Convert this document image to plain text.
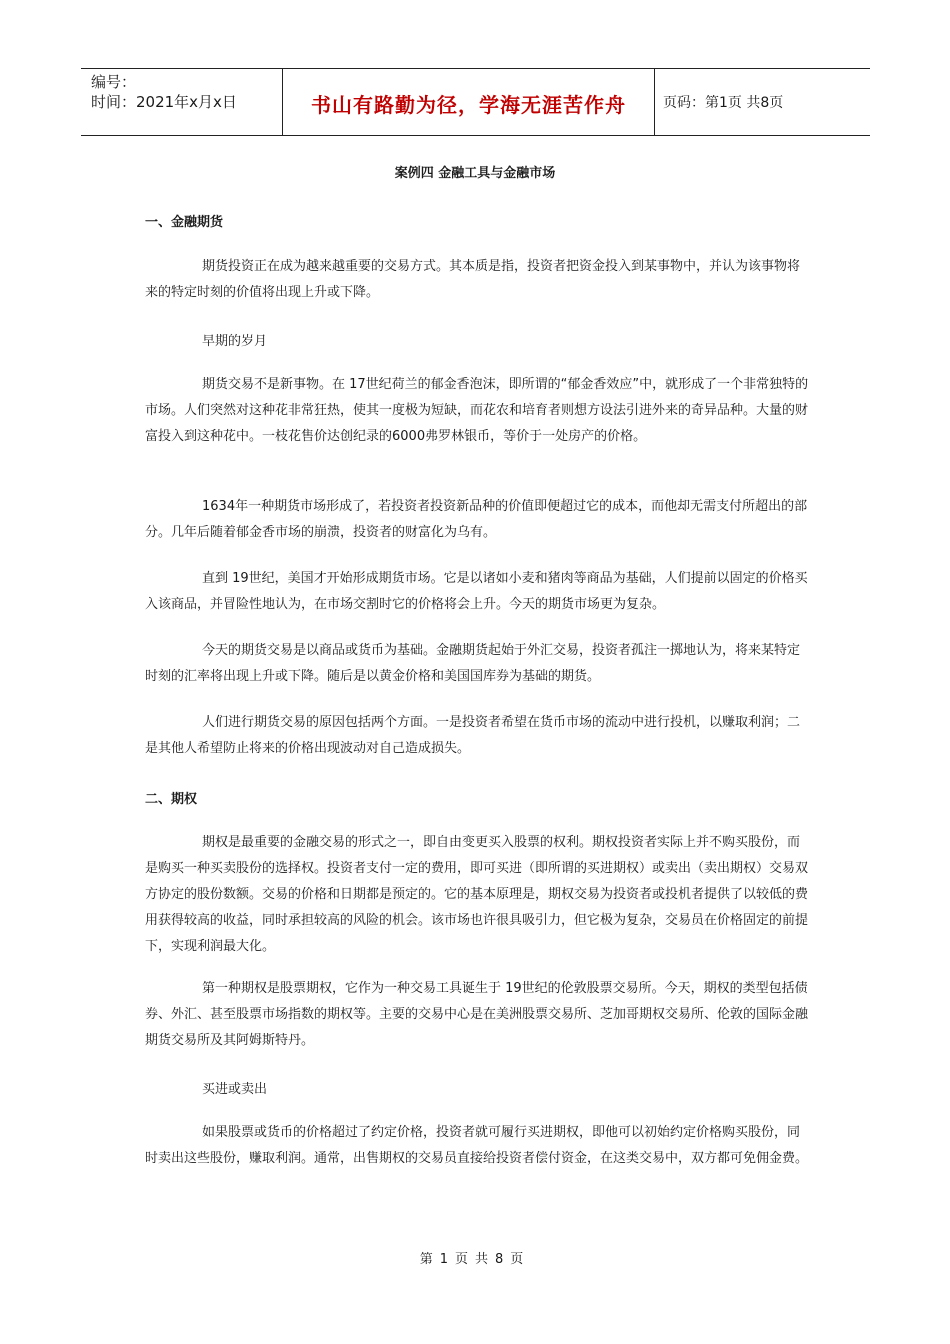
编号：
时间：2021年x月x日	书山有路勤为径，学海无涯苦作舟	页码：第1页 共8页
案例四 金融工具与金融市场
一、金融期货

期货投资正在成为越来越重要的交易方式。其本质是指，投资者把资金投入到某事物中，并认为该事物将来的特定时刻的价值将出现上升或下降。

早期的岁月

期货交易不是新事物。在 17世纪荷兰的郁金香泡沫，即所谓的“郁金香效应”中，就形成了一个非常独特的市场。人们突然对这种花非常狂热，使其一度极为短缺，而花农和培育者则想方设法引进外来的奇异品种。大量的财富投入到这种花中。一枝花售价达创纪录的6000弗罗林银币，等价于一处房产的价格。

1634年一种期货市场形成了，若投资者投资新品种的价值即便超过它的成本，而他却无需支付所超出的部分。几年后随着郁金香市场的崩溃，投资者的财富化为乌有。

直到 19世纪，美国才开始形成期货市场。它是以诸如小麦和猪肉等商品为基础，人们提前以固定的价格买入该商品，并冒险性地认为，在市场交割时它的价格将会上升。今天的期货市场更为复杂。

今天的期货交易是以商品或货币为基础。金融期货起始于外汇交易，投资者孤注一掷地认为，将来某特定时刻的汇率将出现上升或下降。随后是以黄金价格和美国国库券为基础的期货。

人们进行期货交易的原因包括两个方面。一是投资者希望在货币市场的流动中进行投机，以赚取利润；二是其他人希望防止将来的价格出现波动对自己造成损失。

二、期权

期权是最重要的金融交易的形式之一，即自由变更买入股票的权利。期权投资者实际上并不购买股份，而是购买一种买卖股份的选择权。投资者支付一定的费用，即可买进（即所谓的买进期权）或卖出（卖出期权）交易双方协定的股份数额。交易的价格和日期都是预定的。它的基本原理是，期权交易为投资者或投机者提供了以较低的费用获得较高的收益，同时承担较高的风险的机会。该市场也许很具吸引力，但它极为复杂，交易员在价格固定的前提下，实现利润最大化。

第一种期权是股票期权，它作为一种交易工具诞生于 19世纪的伦敦股票交易所。今天，期权的类型包括债券、外汇、甚至股票市场指数的期权等。主要的交易中心是在美洲股票交易所、芝加哥期权交易所、伦敦的国际金融期货交易所及其阿姆斯特丹。

买进或卖出

如果股票或货币的价格超过了约定价格，投资者就可履行买进期权，即他可以初始约定价格购买股份，同时卖出这些股份，赚取利润。通常，出售期权的交易员直接给投资者偿付资金，在这类交易中，双方都可免佣金费。

第 1 页 共 8 页
